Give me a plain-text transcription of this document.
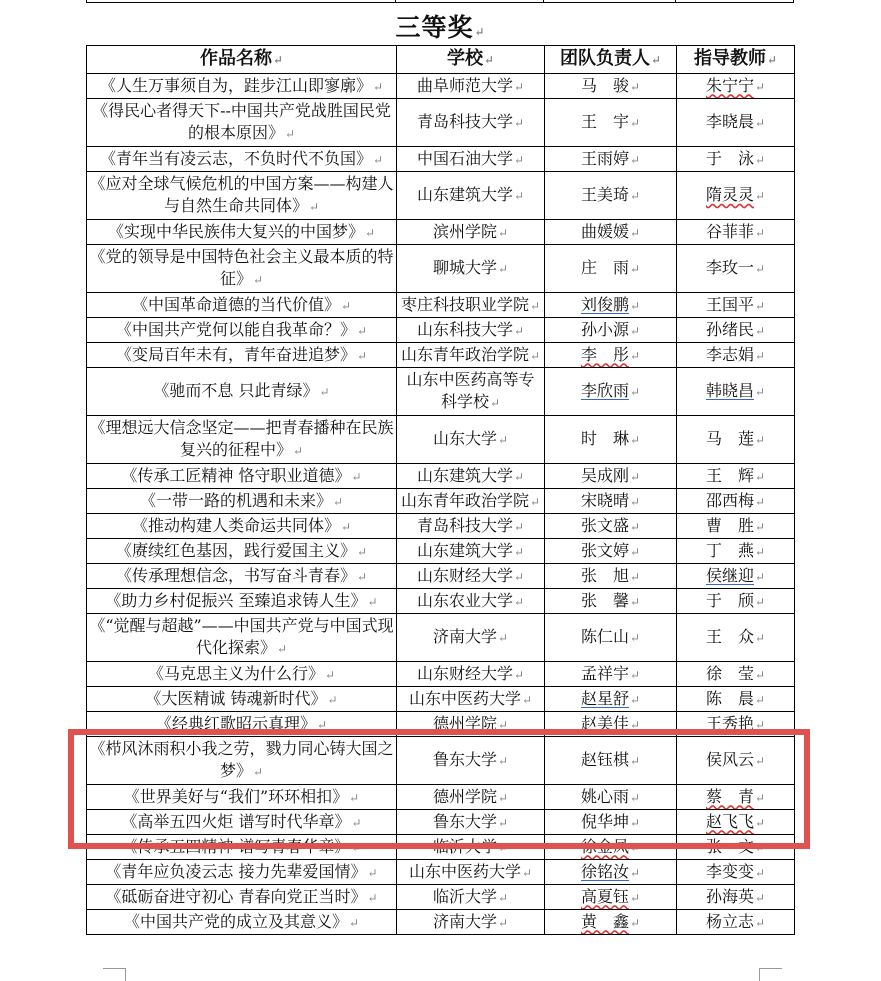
三等奖↵
作品名称↵	学校↵	团队负责人↵	指导教师↵
《人生万事须自为，跬步江山即寥廓》↵	曲阜师范大学↵	马　骏↵	朱宁宁↵
《得民心者得天下--中国共产党战胜国民党的根本原因》↵	青岛科技大学↵	王　宇↵	李晓晨↵
《青年当有凌云志，不负时代不负国》↵	中国石油大学↵	王雨婷↵	于　泳↵
《应对全球气候危机的中国方案——构建人与自然生命共同体》↵	山东建筑大学↵	王美琦↵	隋灵灵↵
《实现中华民族伟大复兴的中国梦》↵	滨州学院↵	曲媛媛↵	谷菲菲↵
《党的领导是中国特色社会主义最本质的特征》↵	聊城大学↵	庄　雨↵	李玫一↵
《中国革命道德的当代价值》↵	枣庄科技职业学院↵	刘俊鹏↵	王国平↵
《中国共产党何以能自我革命？》↵	山东科技大学↵	孙小源↵	孙绪民↵
《变局百年未有，青年奋进追梦》↵	山东青年政治学院↵	李　彤↵	李志娟↵
《驰而不息 只此青绿》↵	山东中医药高等专科学校↵	李欣雨↵	韩晓昌↵
《理想远大信念坚定——把青春播种在民族复兴的征程中》↵	山东大学↵	时　琳↵	马　莲↵
《传承工匠精神 恪守职业道德》↵	山东建筑大学↵	吴成刚↵	王　辉↵
《一带一路的机遇和未来》↵	山东青年政治学院↵	宋晓晴↵	邵西梅↵
《推动构建人类命运共同体》↵	青岛科技大学↵	张文盛↵	曹　胜↵
《赓续红色基因，践行爱国主义》↵	山东建筑大学↵	张文婷↵	丁　燕↵
《传承理想信念，书写奋斗青春》↵	山东财经大学↵	张　旭↵	侯继迎↵
《助力乡村促振兴 至臻追求铸人生》↵	山东农业大学↵	张　馨↵	于　颀↵
《“觉醒与超越”——中国共产党与中国式现代化探索》↵	济南大学↵	陈仁山↵	王　众↵
《马克思主义为什么行》↵	山东财经大学↵	孟祥宇↵	徐　莹↵
《大医精诚 铸魂新时代》↵	山东中医药大学↵	赵星舒↵	陈　晨↵
《经典红歌昭示真理》↵	德州学院↵	赵美佳↵	王秀艳↵
《栉风沐雨积小我之劳，戮力同心铸大国之梦》↵	鲁东大学↵	赵钰棋↵	侯风云↵
《世界美好与“我们”环环相扣》↵	德州学院↵	姚心雨↵	蔡　青↵
《高举五四火炬 谱写时代华章》↵	鲁东大学↵	倪华坤↵	赵飞飞↵
《传承五四精神 谱写青春华章》↵	临沂大学↵	徐金凤↵	张　文↵
《青年应负凌云志 接力先辈爱国情》↵	山东中医药大学↵	徐铭汝↵	李变变↵
《砥砺奋进守初心 青春向党正当时》↵	临沂大学↵	高夏钰↵	孙海英↵
《中国共产党的成立及其意义》↵	济南大学↵	黄　鑫↵	杨立志↵
